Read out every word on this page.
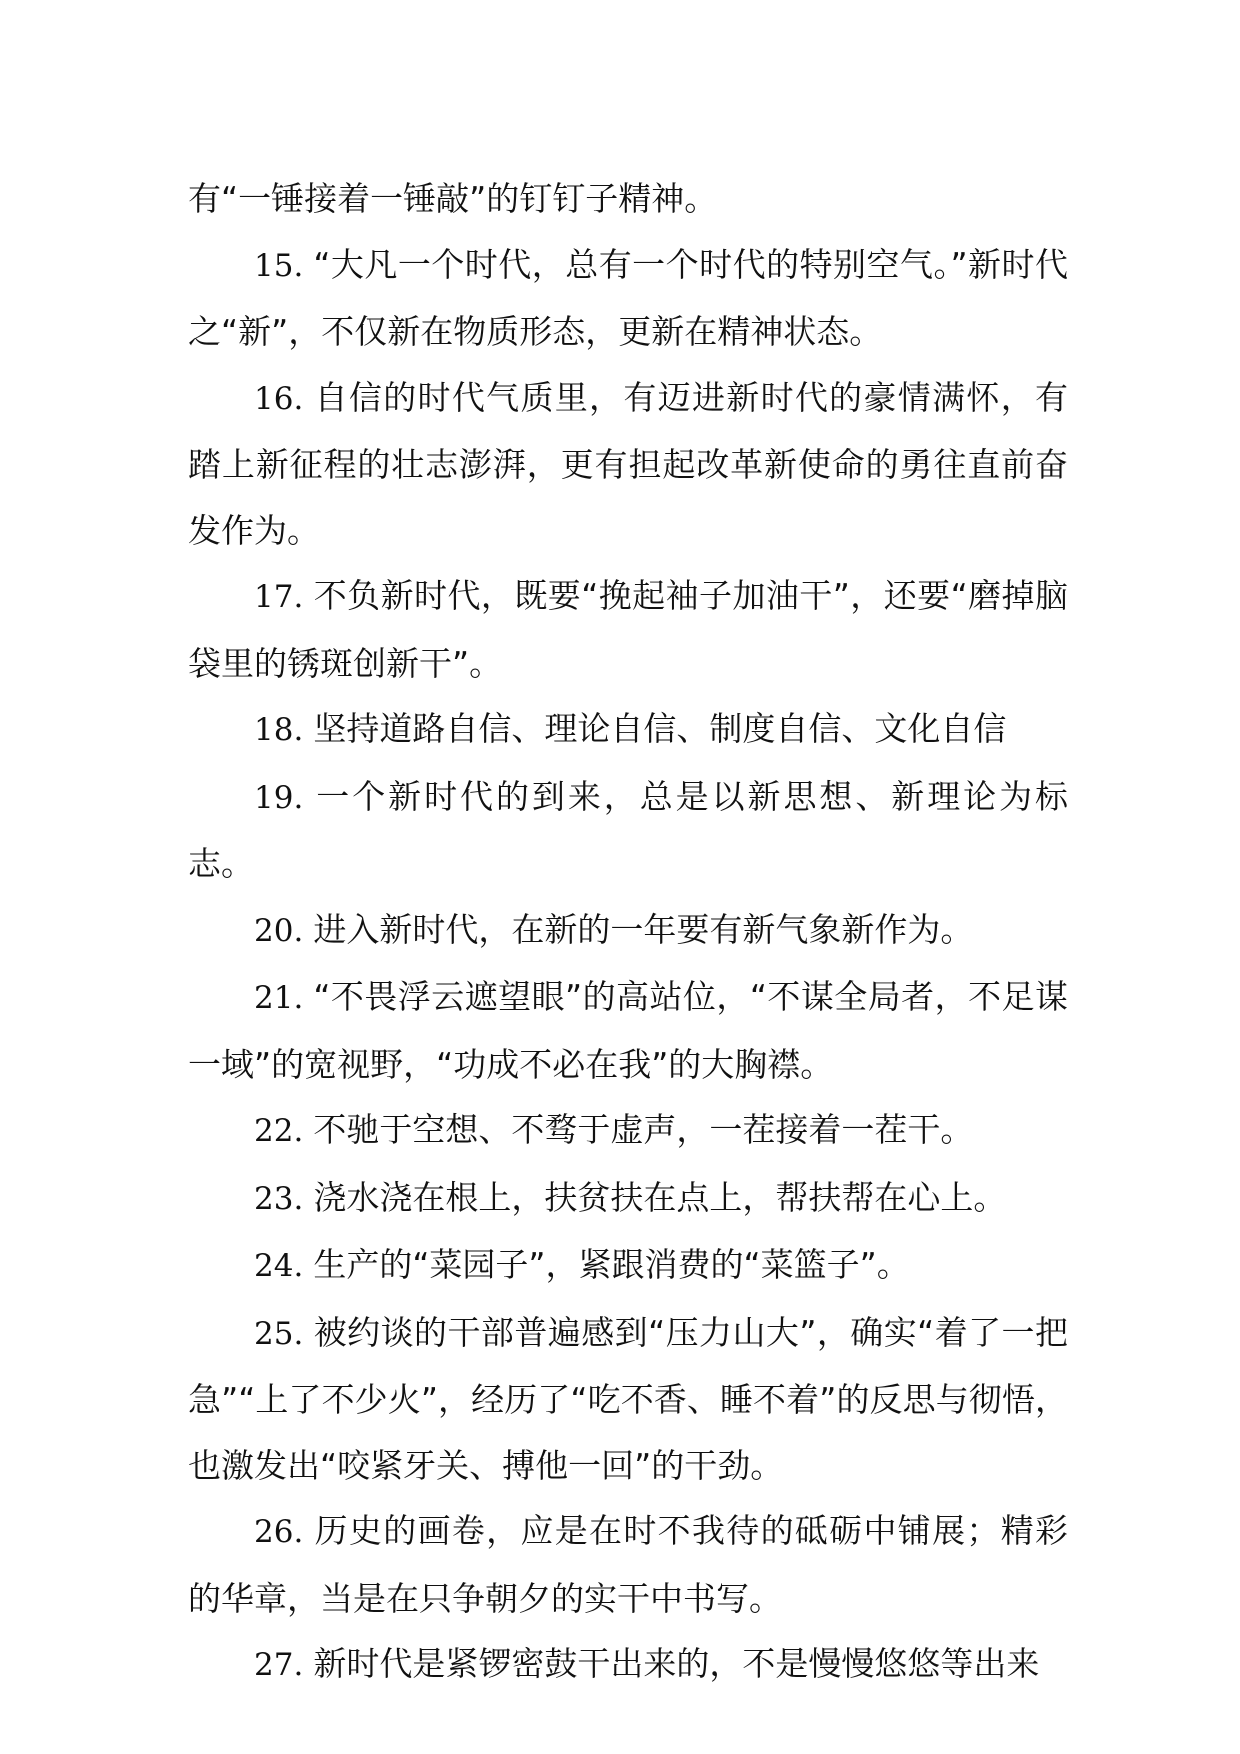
有“一锤接着一锤敲”的钉钉子精神。

15. “大凡一个时代，总有一个时代的特别空气。”新时代之“新”，不仅新在物质形态，更新在精神状态。

16. 自信的时代气质里，有迈进新时代的豪情满怀，有踏上新征程的壮志澎湃，更有担起改革新使命的勇往直前奋发作为。

17. 不负新时代，既要“挽起袖子加油干”，还要“磨掉脑袋里的锈斑创新干”。

18. 坚持道路自信、理论自信、制度自信、文化自信

19. 一个新时代的到来，总是以新思想、新理论为标志。

20. 进入新时代，在新的一年要有新气象新作为。

21. “不畏浮云遮望眼”的高站位，“不谋全局者，不足谋一域”的宽视野，“功成不必在我”的大胸襟。

22. 不驰于空想、不骛于虚声，一茬接着一茬干。

23. 浇水浇在根上，扶贫扶在点上，帮扶帮在心上。

24. 生产的“菜园子”，紧跟消费的“菜篮子”。

25. 被约谈的干部普遍感到“压力山大”，确实“着了一把急”“上了不少火”，经历了“吃不香、睡不着”的反思与彻悟，也激发出“咬紧牙关、搏他一回”的干劲。

26. 历史的画卷，应是在时不我待的砥砺中铺展；精彩的华章，当是在只争朝夕的实干中书写。

27. 新时代是紧锣密鼓干出来的，不是慢慢悠悠等出来
